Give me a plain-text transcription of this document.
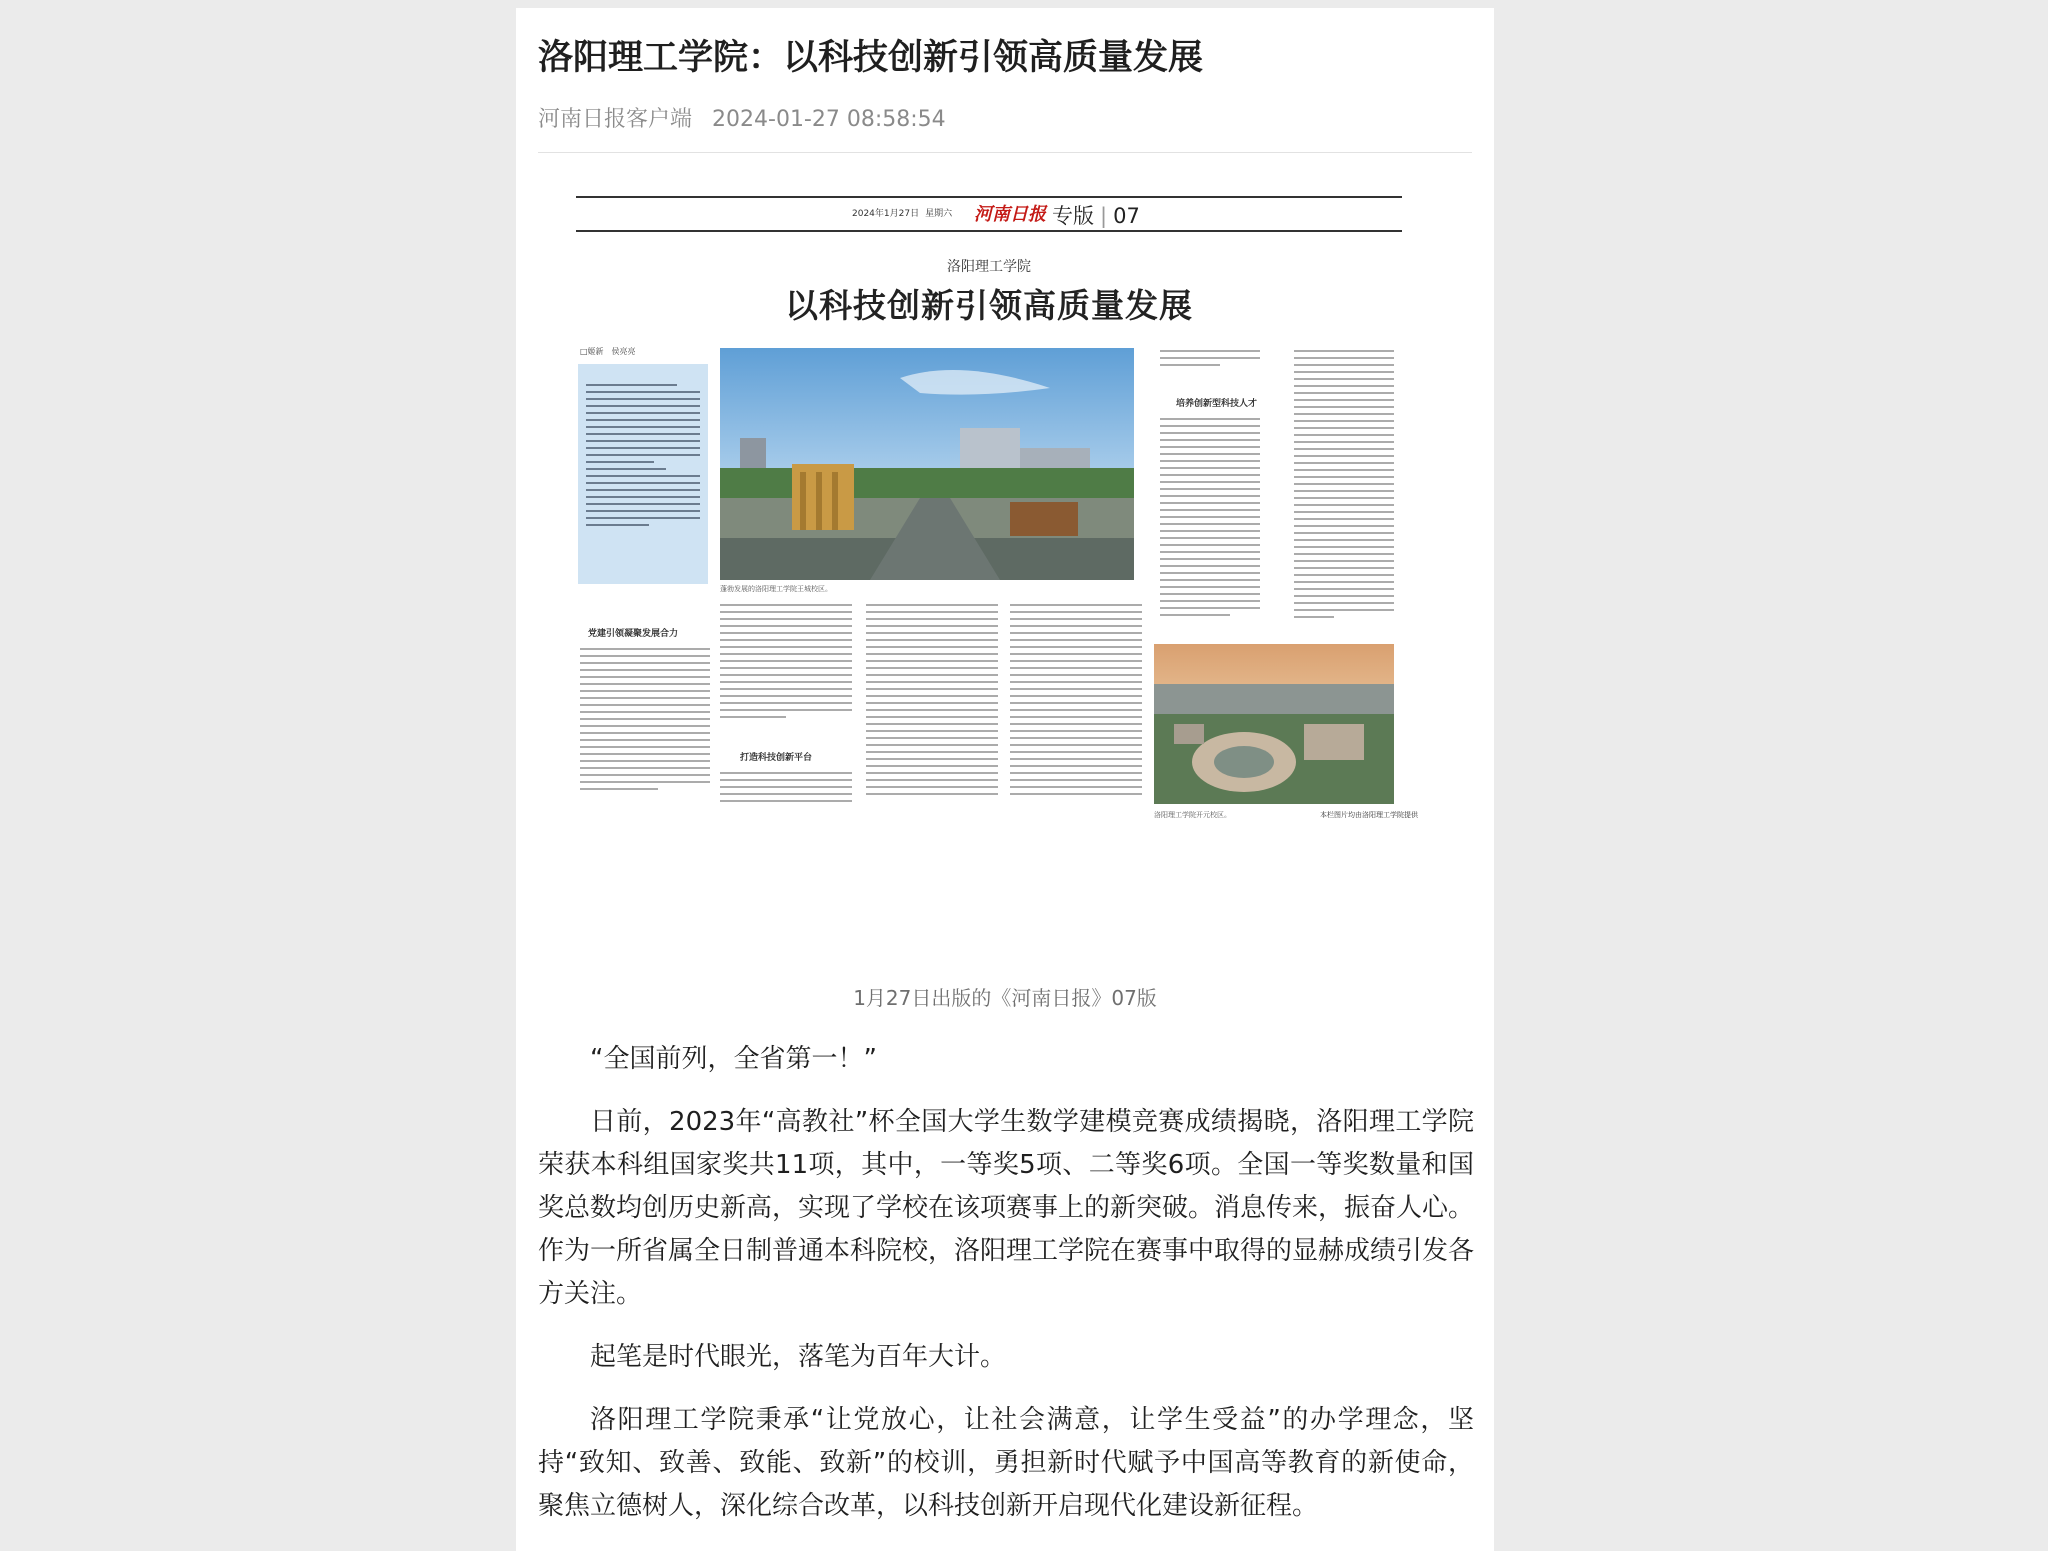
洛阳理工学院：以科技创新引领高质量发展
河南日报客户端 2024-01-27 08:58:54
2024年1月27日 星期六	河南日报 专版 | 07
洛阳理工学院
以科技创新引领高质量发展
□姬新　侯亮亮
蓬勃发展的洛阳理工学院王城校区。
培养创新型科技人才
党建引领凝聚发展合力
打造科技创新平台
洛阳理工学院开元校区。	本栏图片均由洛阳理工学院提供
1月27日出版的《河南日报》07版

“全国前列，全省第一！”

日前，2023年“高教社”杯全国大学生数学建模竞赛成绩揭晓，洛阳理工学院荣获本科组国家奖共11项，其中，一等奖5项、二等奖6项。全国一等奖数量和国奖总数均创历史新高，实现了学校在该项赛事上的新突破。消息传来，振奋人心。作为一所省属全日制普通本科院校，洛阳理工学院在赛事中取得的显赫成绩引发各方关注。

起笔是时代眼光，落笔为百年大计。

洛阳理工学院秉承“让党放心，让社会满意，让学生受益”的办学理念，坚持“致知、致善、致能、致新”的校训，勇担新时代赋予中国高等教育的新使命，聚焦立德树人，深化综合改革，以科技创新开启现代化建设新征程。
